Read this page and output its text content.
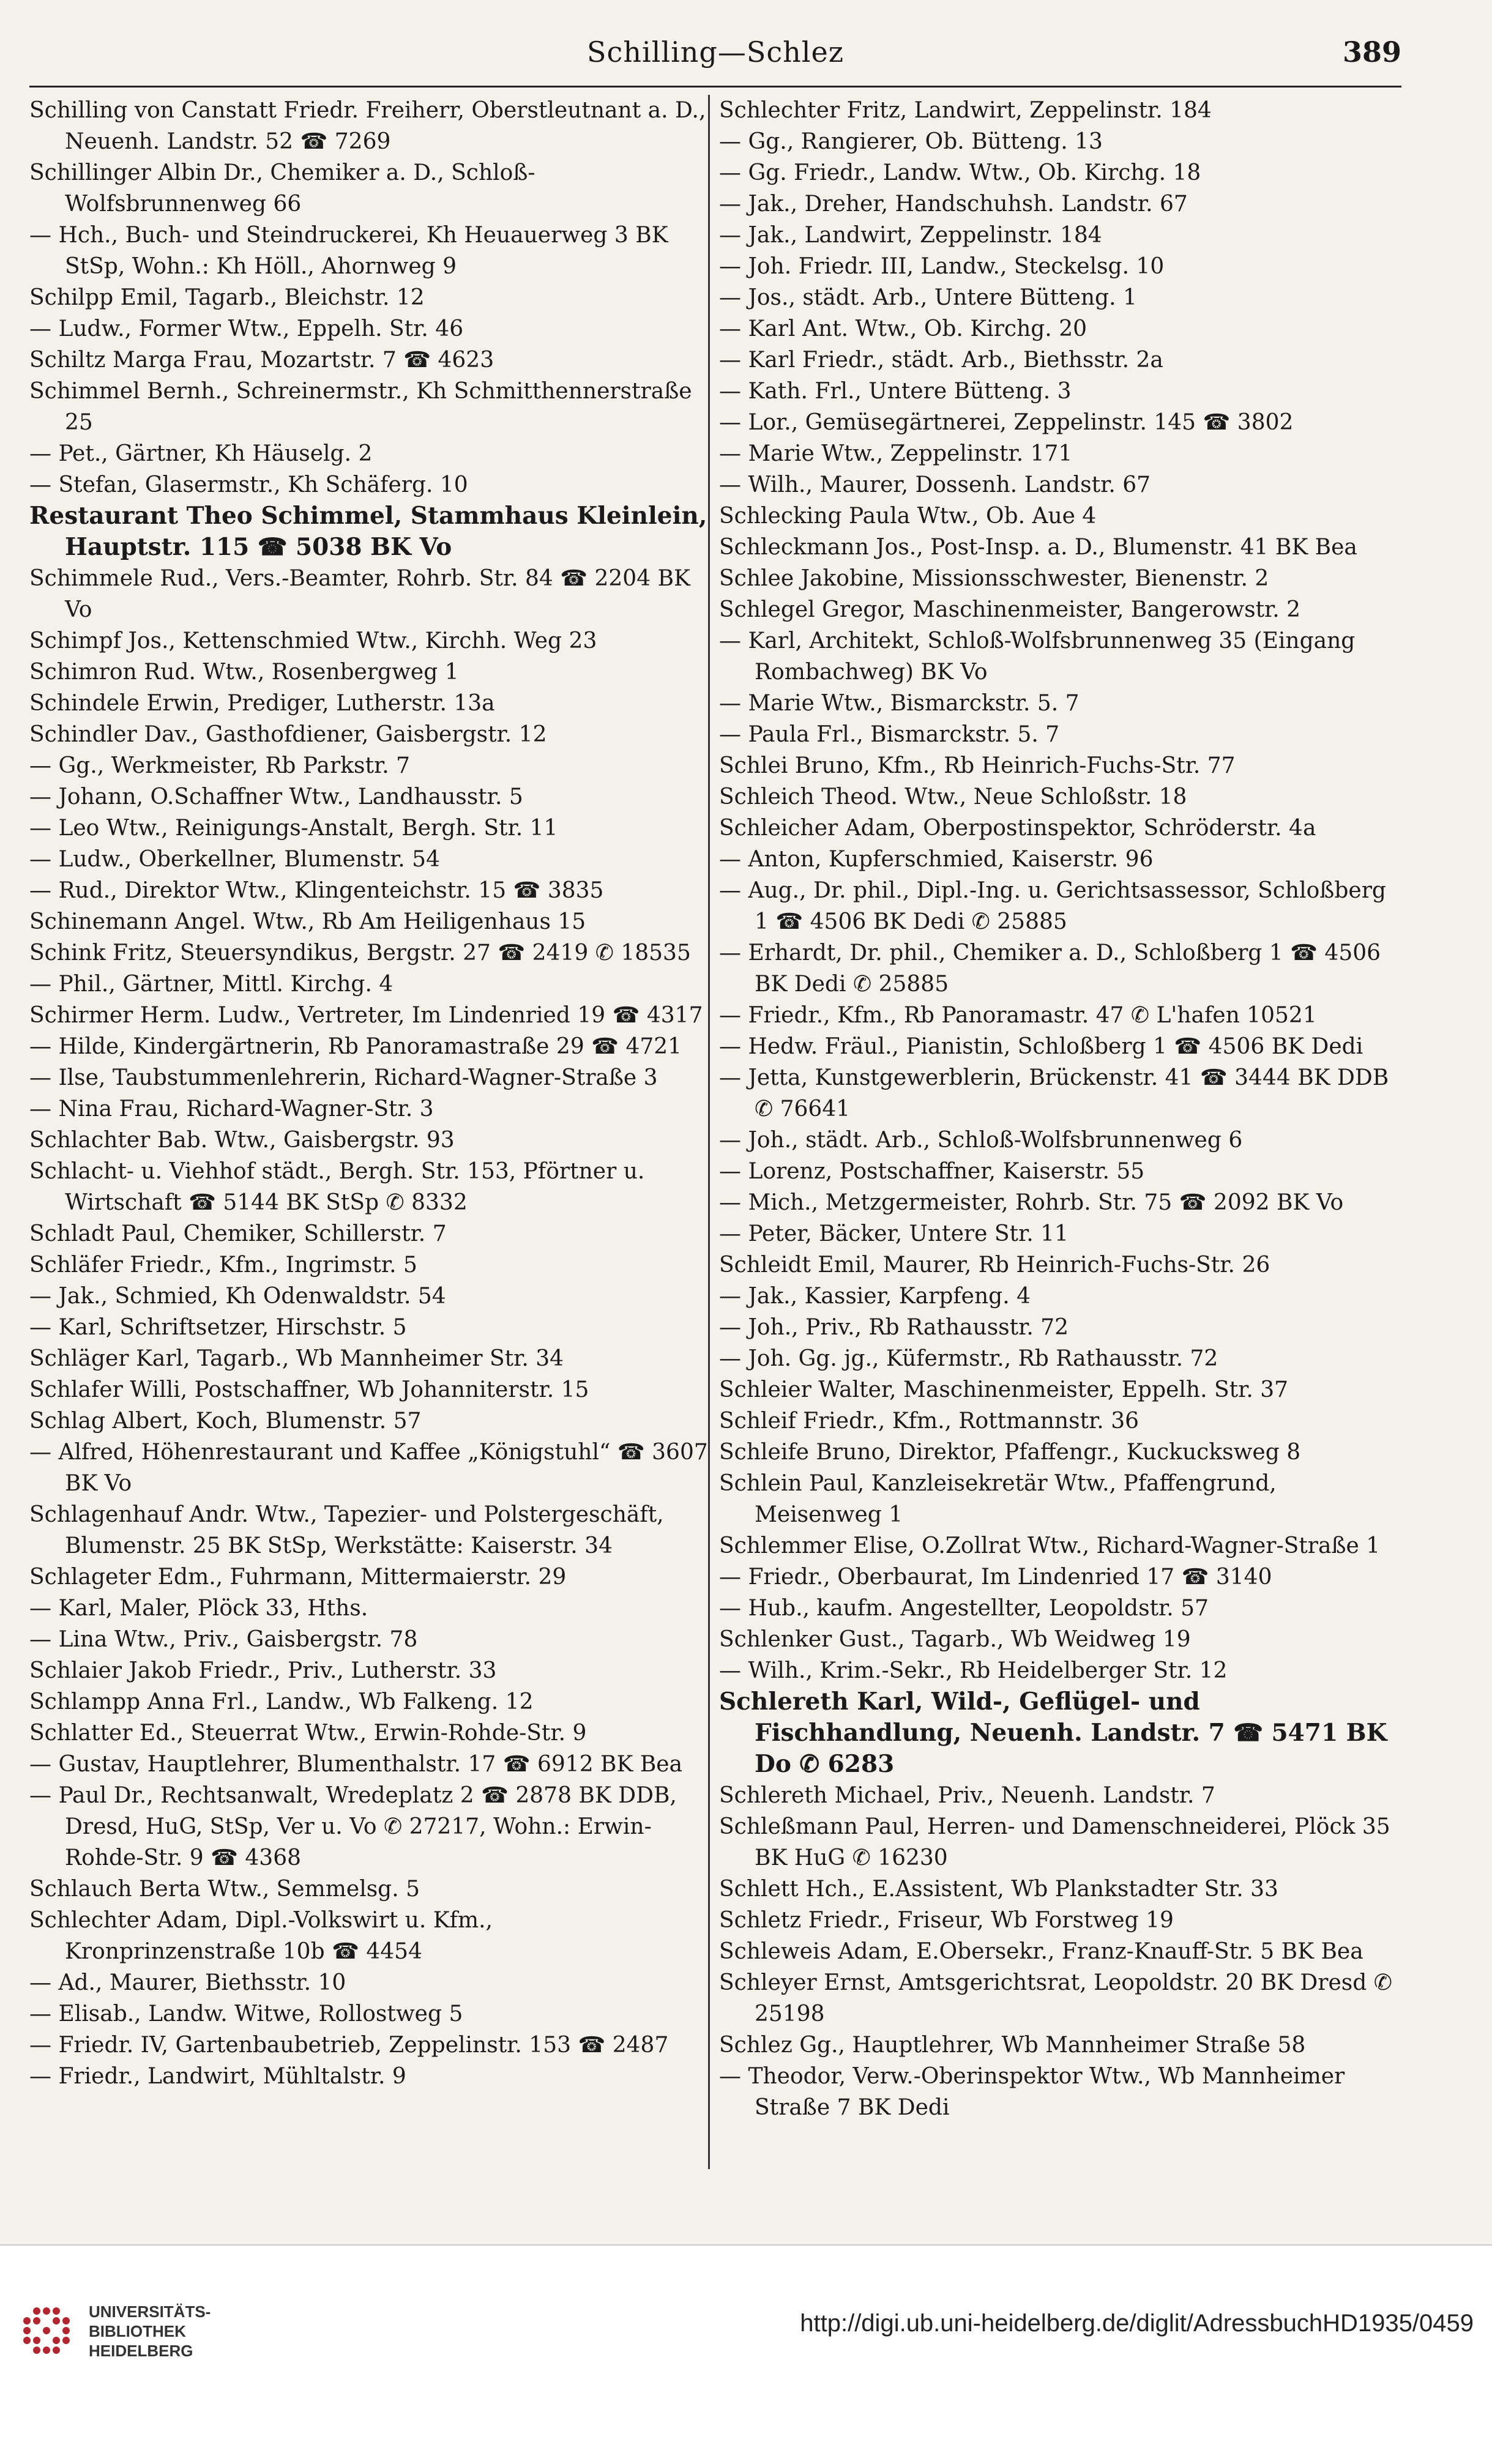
Schilling—Schlez	389
Schilling von Canstatt Friedr. Freiherr, Oberstleutnant a. D., Neuenh. Landstr. 52 ☎ 7269
Schillinger Albin Dr., Chemiker a. D., Schloß-Wolfsbrunnenweg 66
— Hch., Buch- und Steindruckerei, Kh Heuauerweg 3 BK StSp, Wohn.: Kh Höll., Ahornweg 9
Schilpp Emil, Tagarb., Bleichstr. 12
— Ludw., Former Wtw., Eppelh. Str. 46
Schiltz Marga Frau, Mozartstr. 7 ☎ 4623
Schimmel Bernh., Schreinermstr., Kh Schmitthennerstraße 25
— Pet., Gärtner, Kh Häuselg. 2
— Stefan, Glasermstr., Kh Schäferg. 10
Restaurant Theo Schimmel, Stammhaus Kleinlein, Hauptstr. 115 ☎ 5038 BK Vo
Schimmele Rud., Vers.-Beamter, Rohrb. Str. 84 ☎ 2204 BK Vo
Schimpf Jos., Kettenschmied Wtw., Kirchh. Weg 23
Schimron Rud. Wtw., Rosenbergweg 1
Schindele Erwin, Prediger, Lutherstr. 13a
Schindler Dav., Gasthofdiener, Gaisbergstr. 12
— Gg., Werkmeister, Rb Parkstr. 7
— Johann, O.Schaffner Wtw., Landhausstr. 5
— Leo Wtw., Reinigungs-Anstalt, Bergh. Str. 11
— Ludw., Oberkellner, Blumenstr. 54
— Rud., Direktor Wtw., Klingenteichstr. 15 ☎ 3835
Schinemann Angel. Wtw., Rb Am Heiligenhaus 15
Schink Fritz, Steuersyndikus, Bergstr. 27 ☎ 2419 ✆ 18535
— Phil., Gärtner, Mittl. Kirchg. 4
Schirmer Herm. Ludw., Vertreter, Im Lindenried 19 ☎ 4317
— Hilde, Kindergärtnerin, Rb Panoramastraße 29 ☎ 4721
— Ilse, Taubstummenlehrerin, Richard-Wagner-Straße 3
— Nina Frau, Richard-Wagner-Str. 3
Schlachter Bab. Wtw., Gaisbergstr. 93
Schlacht- u. Viehhof städt., Bergh. Str. 153, Pförtner u. Wirtschaft ☎ 5144 BK StSp ✆ 8332
Schladt Paul, Chemiker, Schillerstr. 7
Schläfer Friedr., Kfm., Ingrimstr. 5
— Jak., Schmied, Kh Odenwaldstr. 54
— Karl, Schriftsetzer, Hirschstr. 5
Schläger Karl, Tagarb., Wb Mannheimer Str. 34
Schlafer Willi, Postschaffner, Wb Johanniterstr. 15
Schlag Albert, Koch, Blumenstr. 57
— Alfred, Höhenrestaurant und Kaffee „Königstuhl“ ☎ 3607 BK Vo
Schlagenhauf Andr. Wtw., Tapezier- und Polstergeschäft, Blumenstr. 25 BK StSp, Werkstätte: Kaiserstr. 34
Schlageter Edm., Fuhrmann, Mittermaierstr. 29
— Karl, Maler, Plöck 33, Hths.
— Lina Wtw., Priv., Gaisbergstr. 78
Schlaier Jakob Friedr., Priv., Lutherstr. 33
Schlampp Anna Frl., Landw., Wb Falkeng. 12
Schlatter Ed., Steuerrat Wtw., Erwin-Rohde-Str. 9
— Gustav, Hauptlehrer, Blumenthalstr. 17 ☎ 6912 BK Bea
— Paul Dr., Rechtsanwalt, Wredeplatz 2 ☎ 2878 BK DDB, Dresd, HuG, StSp, Ver u. Vo ✆ 27217, Wohn.: Erwin-Rohde-Str. 9 ☎ 4368
Schlauch Berta Wtw., Semmelsg. 5
Schlechter Adam, Dipl.-Volkswirt u. Kfm., Kronprinzenstraße 10b ☎ 4454
— Ad., Maurer, Biethsstr. 10
— Elisab., Landw. Witwe, Rollostweg 5
— Friedr. IV, Gartenbaubetrieb, Zeppelinstr. 153 ☎ 2487
— Friedr., Landwirt, Mühltalstr. 9
Schlechter Fritz, Landwirt, Zeppelinstr. 184
— Gg., Rangierer, Ob. Bütteng. 13
— Gg. Friedr., Landw. Wtw., Ob. Kirchg. 18
— Jak., Dreher, Handschuhsh. Landstr. 67
— Jak., Landwirt, Zeppelinstr. 184
— Joh. Friedr. III, Landw., Steckelsg. 10
— Jos., städt. Arb., Untere Bütteng. 1
— Karl Ant. Wtw., Ob. Kirchg. 20
— Karl Friedr., städt. Arb., Biethsstr. 2a
— Kath. Frl., Untere Bütteng. 3
— Lor., Gemüsegärtnerei, Zeppelinstr. 145 ☎ 3802
— Marie Wtw., Zeppelinstr. 171
— Wilh., Maurer, Dossenh. Landstr. 67
Schlecking Paula Wtw., Ob. Aue 4
Schleckmann Jos., Post-Insp. a. D., Blumenstr. 41 BK Bea
Schlee Jakobine, Missionsschwester, Bienenstr. 2
Schlegel Gregor, Maschinenmeister, Bangerowstr. 2
— Karl, Architekt, Schloß-Wolfsbrunnenweg 35 (Eingang Rombachweg) BK Vo
— Marie Wtw., Bismarckstr. 5. 7
— Paula Frl., Bismarckstr. 5. 7
Schlei Bruno, Kfm., Rb Heinrich-Fuchs-Str. 77
Schleich Theod. Wtw., Neue Schloßstr. 18
Schleicher Adam, Oberpostinspektor, Schröderstr. 4a
— Anton, Kupferschmied, Kaiserstr. 96
— Aug., Dr. phil., Dipl.-Ing. u. Gerichtsassessor, Schloßberg 1 ☎ 4506 BK Dedi ✆ 25885
— Erhardt, Dr. phil., Chemiker a. D., Schloßberg 1 ☎ 4506 BK Dedi ✆ 25885
— Friedr., Kfm., Rb Panoramastr. 47 ✆ L'hafen 10521
— Hedw. Fräul., Pianistin, Schloßberg 1 ☎ 4506 BK Dedi
— Jetta, Kunstgewerblerin, Brückenstr. 41 ☎ 3444 BK DDB ✆ 76641
— Joh., städt. Arb., Schloß-Wolfsbrunnenweg 6
— Lorenz, Postschaffner, Kaiserstr. 55
— Mich., Metzgermeister, Rohrb. Str. 75 ☎ 2092 BK Vo
— Peter, Bäcker, Untere Str. 11
Schleidt Emil, Maurer, Rb Heinrich-Fuchs-Str. 26
— Jak., Kassier, Karpfeng. 4
— Joh., Priv., Rb Rathausstr. 72
— Joh. Gg. jg., Küfermstr., Rb Rathausstr. 72
Schleier Walter, Maschinenmeister, Eppelh. Str. 37
Schleif Friedr., Kfm., Rottmannstr. 36
Schleife Bruno, Direktor, Pfaffengr., Kuckucksweg 8
Schlein Paul, Kanzleisekretär Wtw., Pfaffengrund, Meisenweg 1
Schlemmer Elise, O.Zollrat Wtw., Richard-Wagner-Straße 1
— Friedr., Oberbaurat, Im Lindenried 17 ☎ 3140
— Hub., kaufm. Angestellter, Leopoldstr. 57
Schlenker Gust., Tagarb., Wb Weidweg 19
— Wilh., Krim.-Sekr., Rb Heidelberger Str. 12
Schlereth Karl, Wild-, Geflügel- und Fischhandlung, Neuenh. Landstr. 7 ☎ 5471 BK Do ✆ 6283
Schlereth Michael, Priv., Neuenh. Landstr. 7
Schleßmann Paul, Herren- und Damenschneiderei, Plöck 35 BK HuG ✆ 16230
Schlett Hch., E.Assistent, Wb Plankstadter Str. 33
Schletz Friedr., Friseur, Wb Forstweg 19
Schleweis Adam, E.Obersekr., Franz-Knauff-Str. 5 BK Bea
Schleyer Ernst, Amtsgerichtsrat, Leopoldstr. 20 BK Dresd ✆ 25198
Schlez Gg., Hauptlehrer, Wb Mannheimer Straße 58
— Theodor, Verw.-Oberinspektor Wtw., Wb Mannheimer Straße 7 BK Dedi
UNIVERSITÄTS-
BIBLIOTHEK
HEIDELBERG
http://digi.ub.uni-heidelberg.de/diglit/AdressbuchHD1935/0459
